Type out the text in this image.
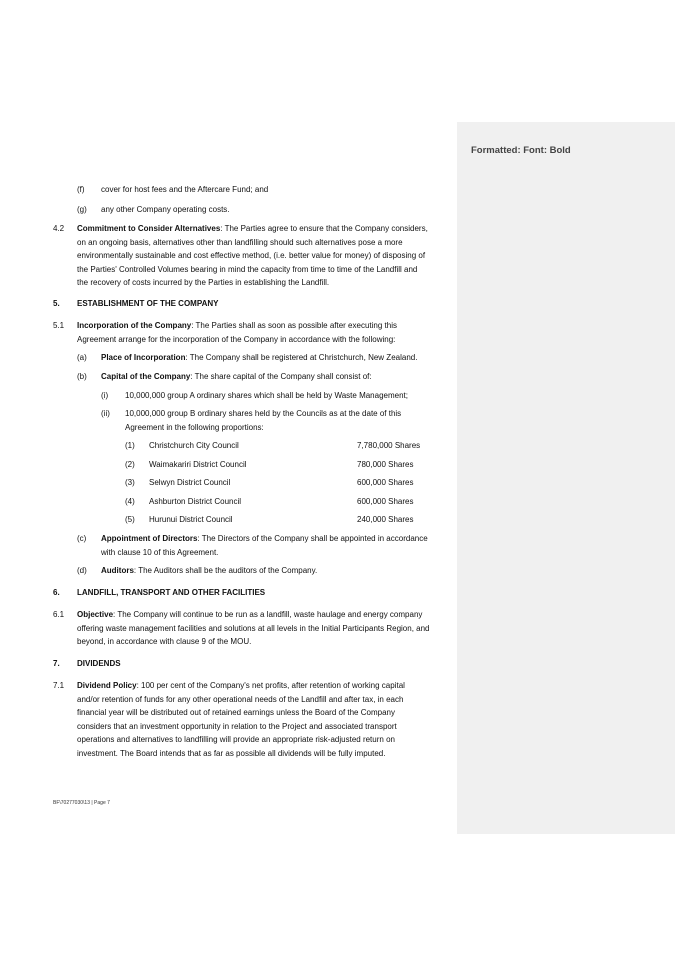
Formatted: Font: Bold
(f) cover for host fees and the Aftercare Fund; and
(g) any other Company operating costs.
4.2 Commitment to Consider Alternatives: The Parties agree to ensure that the Company considers,
on an ongoing basis, alternatives other than landfilling should such alternatives pose a more
environmentally sustainable and cost effective method, (i.e. better value for money) of disposing of
the Parties' Controlled Volumes bearing in mind the capacity from time to time of the Landfill and
the recovery of costs incurred by the Parties in establishing the Landfill.
5. ESTABLISHMENT OF THE COMPANY
5.1 Incorporation of the Company: The Parties shall as soon as possible after executing this
Agreement arrange for the incorporation of the Company in accordance with the following:
(a) Place of Incorporation: The Company shall be registered at Christchurch, New Zealand.
(b) Capital of the Company: The share capital of the Company shall consist of:
(i) 10,000,000 group A ordinary shares which shall be held by Waste Management;
(ii) 10,000,000 group B ordinary shares held by the Councils as at the date of this
Agreement in the following proportions:
(1) Christchurch City Council	7,780,000 Shares
(2) Waimakariri District Council	780,000 Shares
(3) Selwyn District Council	600,000 Shares
(4) Ashburton District Council	600,000 Shares
(5) Hurunui District Council	240,000 Shares
(c) Appointment of Directors: The Directors of the Company shall be appointed in accordance
with clause 10 of this Agreement.
(d) Auditors: The Auditors shall be the auditors of the Company.
6. LANDFILL, TRANSPORT AND OTHER FACILITIES
6.1 Objective: The Company will continue to be run as a landfill, waste haulage and energy company
offering waste management facilities and solutions at all levels in the Initial Participants Region, and
beyond, in accordance with clause 9 of the MOU.
7. DIVIDENDS
7.1 Dividend Policy: 100 per cent of the Company's net profits, after retention of working capital
and/or retention of funds for any other operational needs of the Landfill and after tax, in each
financial year will be distributed out of retained earnings unless the Board of the Company
considers that an investment opportunity in relation to the Project and associated transport
operations and alternatives to landfilling will provide an appropriate risk-adjusted return on
investment. The Board intends that as far as possible all dividends will be fully imputed.
BF\70277030\13 | Page 7
